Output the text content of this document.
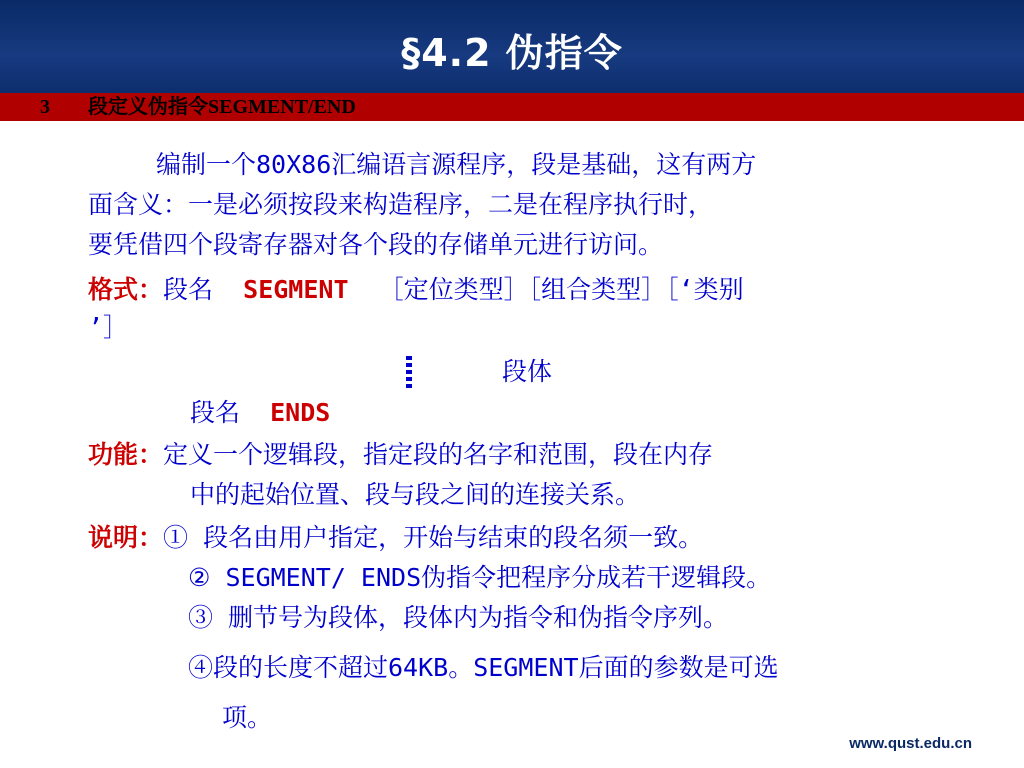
§4.2 伪指令
3 段定义伪指令SEGMENT/END
编制一个80X86汇编语言源程序，段是基础，这有两方
面含义：一是必须按段来构造程序，二是在程序执行时，
要凭借四个段寄存器对各个段的存储单元进行访问。
格式：段名 SEGMENT ［定位类型］［组合类型］［‘类别
’］
段体
段名 ENDS
功能：定义一个逻辑段，指定段的名字和范围，段在内存
中的起始位置、段与段之间的连接关系。
说明：① 段名由用户指定，开始与结束的段名须一致。
② SEGMENT/ ENDS伪指令把程序分成若干逻辑段。
③ 删节号为段体，段体内为指令和伪指令序列。
④段的长度不超过64KB。SEGMENT后面的参数是可选
项。
www.qust.edu.cn
